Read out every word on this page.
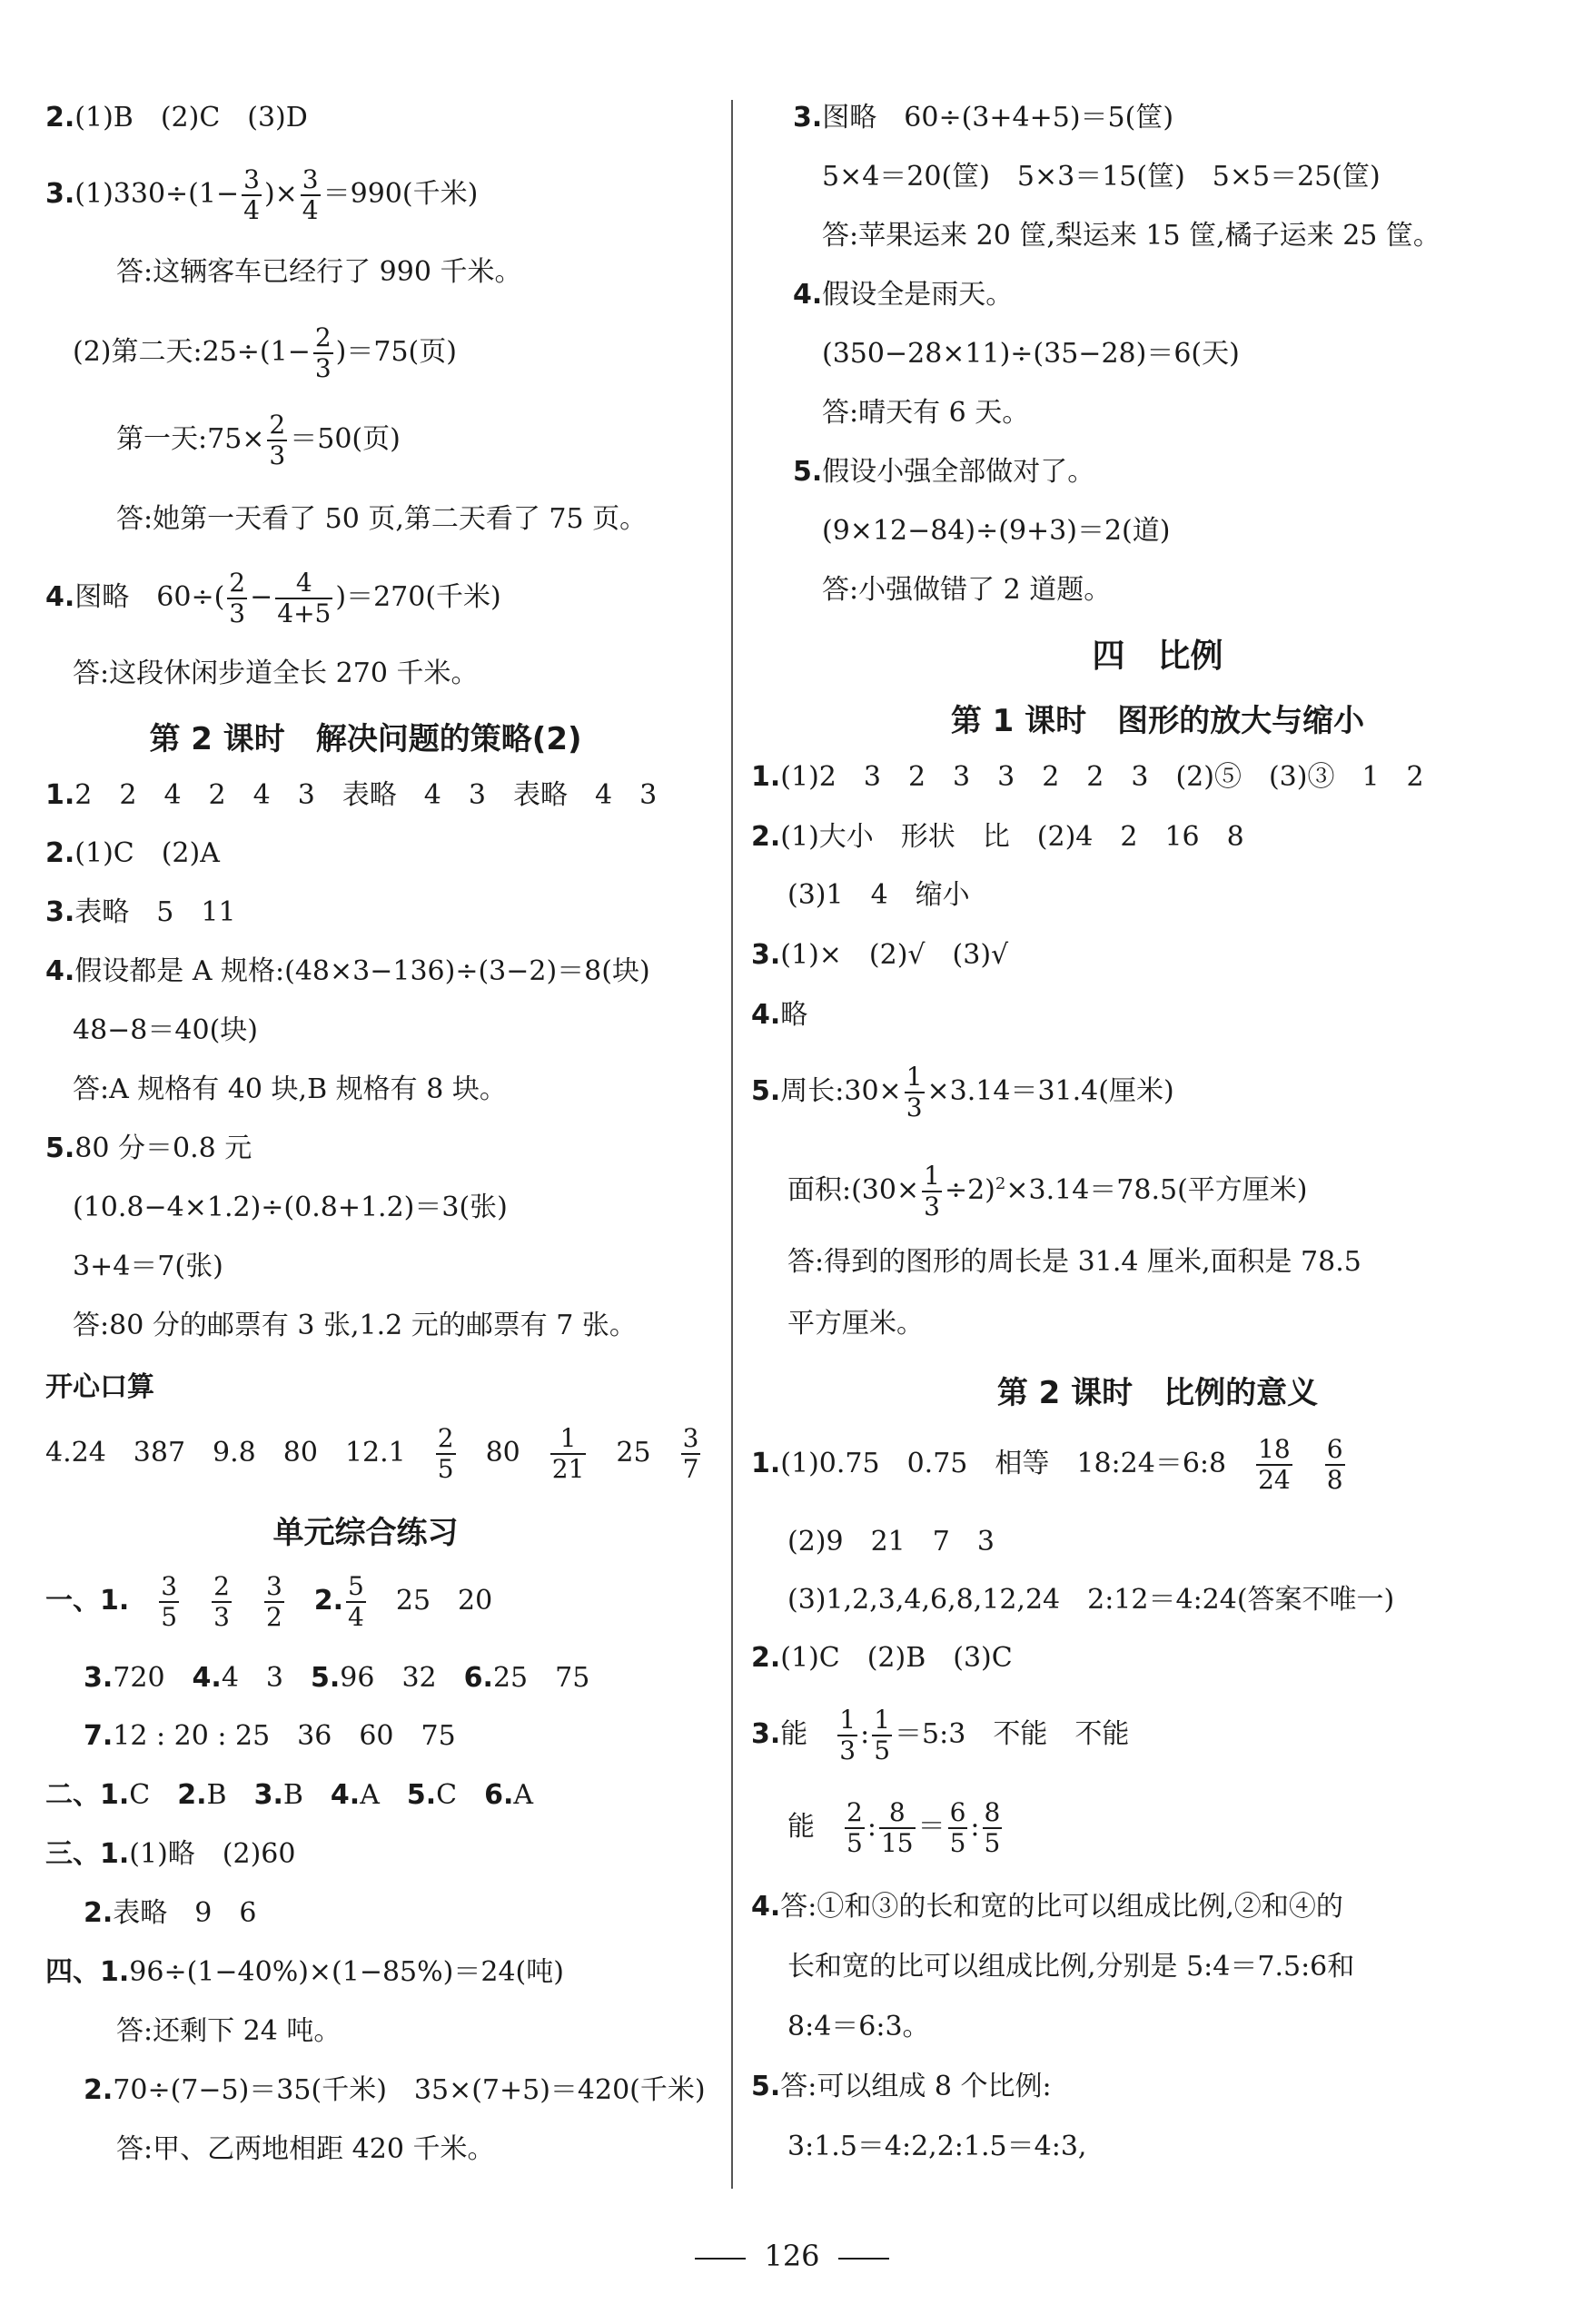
2.(1)B　(2)C　(3)D
$3.(1)330\div(1- \frac{3}{4}$ )× $\frac{3}{4} =990$(千米)
答:这辆客车已经行了 990 千米。
(2)第二天:25÷(1− $\frac{2}{3} )=75$(页)
第一天:75× $\frac{2}{3} =50$(页)
答:她第一天看了 50 页,第二天看了 75 页。
4.图略　$60\div( \frac{2}{3} - \frac{4}{4+5} )=270$(千米)
答:这段休闲步道全长 270 千米。
第 2 课时　解决问题的策略(2)
1.2　2　4　2　4　3　表略　4　3　表略　4　3
2.(1)C　(2)A
3.表略　5　11
4.假设都是 A 规格:(48×3−136)÷(3−2)＝8(块)
48−8＝40(块)
答:A 规格有 40 块,B 规格有 8 块。
5.80 分＝0.8 元
(10.8−4×1.2)÷(0.8+1.2)＝3(张)
3+4＝7(张)
答:80 分的邮票有 3 张,1.2 元的邮票有 7 张。
开心口算
4.24　387　9.8　80　12.1　 $\frac{2}{5}$
　 80　 $\frac{1}{21}$
　 25　 $\frac{3}{7}$
单元综合练习
一、1.　 $\frac{3}{5}$
　 $\frac{2}{3}$
　 $\frac{3}{2}$
　 2. $\frac{5}{4}$
　 25　20
3.720　 4.4　3　 5.96　32　 6.25　75
7.12 : 20 : 25　36　60　75
二、1.C　 2.B　 3.B　 4.A　 5.C　 6.A
三、1.(1)略　(2)60
2.表略　9　6
四、1.96÷(1−40%)×(1−85%)＝24(吨)
答:还剩下 24 吨。
2.70÷(7−5)＝35(千米)　35×(7+5)＝420(千米)
答:甲、乙两地相距 420 千米。
3.图略　60÷(3+4+5)＝5(筐)
5×4＝20(筐)　5×3＝15(筐)　5×5＝25(筐)
答:苹果运来 20 筐,梨运来 15 筐,橘子运来 25 筐。
4.假设全是雨天。
(350−28×11)÷(35−28)＝6(天)
答:晴天有 6 天。
5.假设小强全部做对了。
(9×12−84)÷(9+3)＝2(道)
答:小强做错了 2 道题。
四　比例
第 1 课时　图形的放大与缩小
1.(1)2　3　2　3　3　2　2　3　(2)⑤　(3)③　1　2
2.(1)大小　形状　比　(2)4　2　16　8
(3)1　4　缩小
3.(1)×　(2)√　(3)√
4.略
5.周长:30× $\frac{1}{3} \times 3.14=31.4$(厘米)
面积:(30× $\frac{1}{3} \div 2)^2\times 3.14=78.5$(平方厘米)
答:得到的图形的周长是 31.4 厘米,面积是 78.5
平方厘米。
第 2 课时　比例的意义
1.(1)0.75　0.75　相等　18:24＝6:8　 $\frac{18}{24}$
　 $\frac{6}{8}$
(2)9　21　7　3
(3)1,2,3,4,6,8,12,24　2:12＝4:24(答案不唯一)
2.(1)C　(2)B　(3)C
3.能　 $\frac{1}{3}$ : $\frac{1}{5}$ ＝5:3　不能　不能
能　 $\frac{2}{5}$ : $\frac{8}{15} = \frac{6}{5}$ : $\frac{8}{5}$
4.答:①和③的长和宽的比可以组成比例,②和④的
长和宽的比可以组成比例,分别是 5:4＝7.5:6和
8:4＝6:3。
5.答:可以组成 8 个比例:
3:1.5＝4:2,2:1.5＝4:3,
126
